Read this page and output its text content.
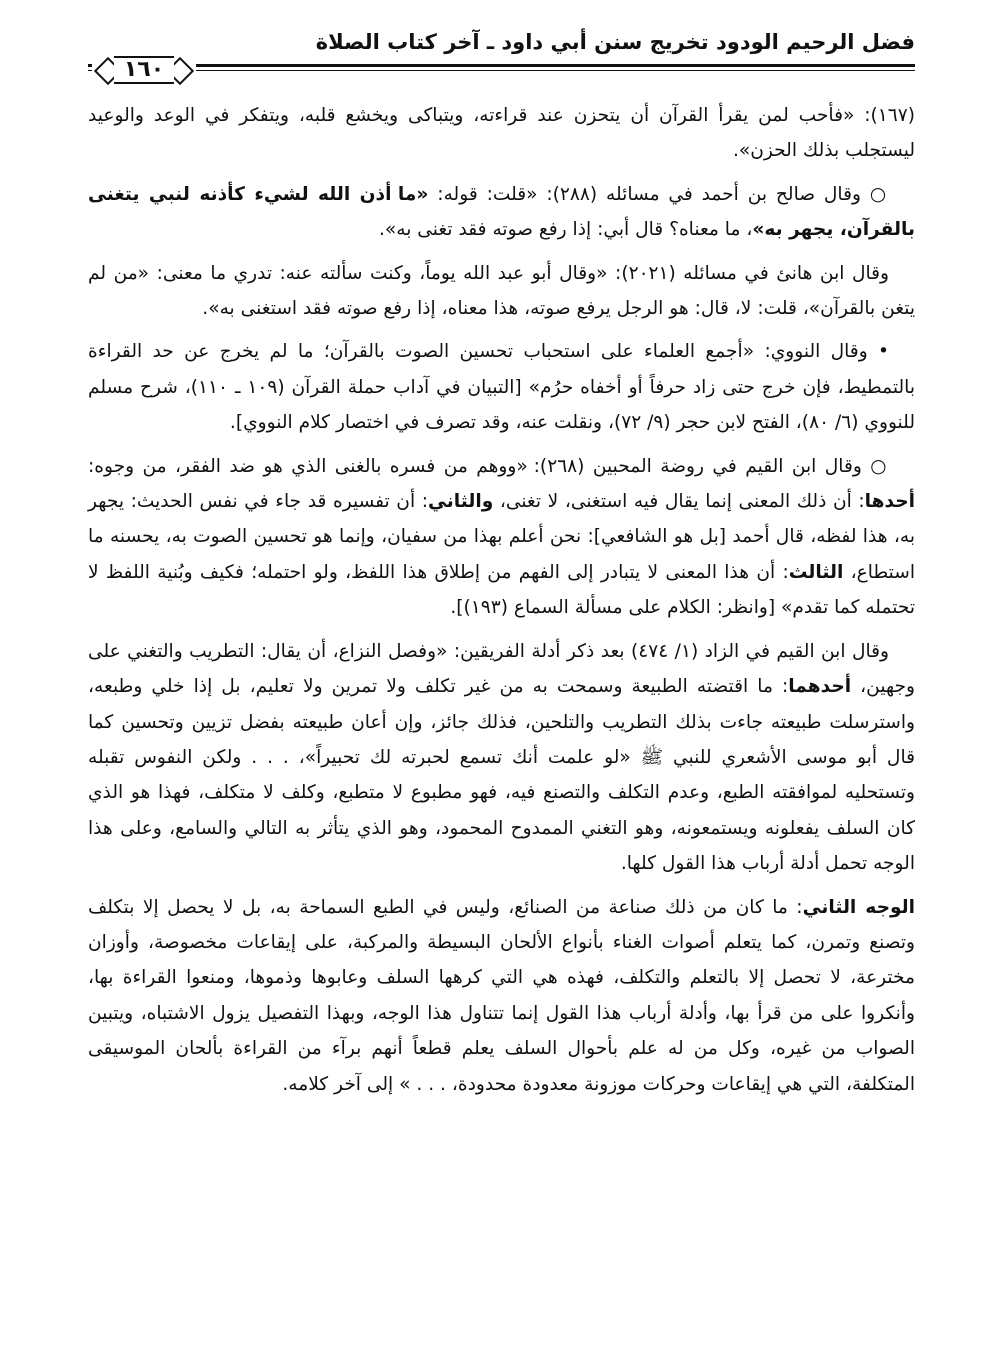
فضل الرحيم الودود تخريج سنن أبي داود ـ آخر كتاب الصلاة
١٦٠

(١٦٧): «فأحب لمن يقرأ القرآن أن يتحزن عند قراءته، ويتباكى ويخشع قلبه، ويتفكر في الوعد والوعيد ليستجلب بذلك الحزن».

○ وقال صالح بن أحمد في مسائله (٢٨٨): «قلت: قوله: «ما أذن الله لشيء كأذنه لنبي يتغنى بالقرآن، يجهر به»، ما معناه؟ قال أبي: إذا رفع صوته فقد تغنى به».

وقال ابن هانئ في مسائله (٢٠٢١): «وقال أبو عبد الله يوماً، وكنت سألته عنه: تدري ما معنى: «من لم يتغن بالقرآن»، قلت: لا، قال: هو الرجل يرفع صوته، هذا معناه، إذا رفع صوته فقد استغنى به».

• وقال النووي: «أجمع العلماء على استحباب تحسين الصوت بالقرآن؛ ما لم يخرج عن حد القراءة بالتمطيط، فإن خرج حتى زاد حرفاً أو أخفاه حرُم» [التبيان في آداب حملة القرآن (١٠٩ ـ ١١٠)، شرح مسلم للنووي (٦/ ٨٠)، الفتح لابن حجر (٩/ ٧٢)، ونقلت عنه، وقد تصرف في اختصار كلام النووي].

○ وقال ابن القيم في روضة المحبين (٢٦٨): «ووهم من فسره بالغنى الذي هو ضد الفقر، من وجوه: أحدها: أن ذلك المعنى إنما يقال فيه استغنى، لا تغنى، والثاني: أن تفسيره قد جاء في نفس الحديث: يجهر به، هذا لفظه، قال أحمد [بل هو الشافعي]: نحن أعلم بهذا من سفيان، وإنما هو تحسين الصوت به، يحسنه ما استطاع، الثالث: أن هذا المعنى لا يتبادر إلى الفهم من إطلاق هذا اللفظ، ولو احتمله؛ فكيف وبُنية اللفظ لا تحتمله كما تقدم» [وانظر: الكلام على مسألة السماع (١٩٣)].

وقال ابن القيم في الزاد (١/ ٤٧٤) بعد ذكر أدلة الفريقين: «وفصل النزاع، أن يقال: التطريب والتغني على وجهين، أحدهما: ما اقتضته الطبيعة وسمحت به من غير تكلف ولا تمرين ولا تعليم، بل إذا خلي وطبعه، واسترسلت طبيعته جاءت بذلك التطريب والتلحين، فذلك جائز، وإن أعان طبيعته بفضل تزيين وتحسين كما قال أبو موسى الأشعري للنبي ﷺ «لو علمت أنك تسمع لحبرته لك تحبيراً»، . . . ولكن النفوس تقبله وتستحليه لموافقته الطبع، وعدم التكلف والتصنع فيه، فهو مطبوع لا متطبع، وكلف لا متكلف، فهذا هو الذي كان السلف يفعلونه ويستمعونه، وهو التغني الممدوح المحمود، وهو الذي يتأثر به التالي والسامع، وعلى هذا الوجه تحمل أدلة أرباب هذا القول كلها.

الوجه الثاني: ما كان من ذلك صناعة من الصنائع، وليس في الطبع السماحة به، بل لا يحصل إلا بتكلف وتصنع وتمرن، كما يتعلم أصوات الغناء بأنواع الألحان البسيطة والمركبة، على إيقاعات مخصوصة، وأوزان مخترعة، لا تحصل إلا بالتعلم والتكلف، فهذه هي التي كرهها السلف وعابوها وذموها، ومنعوا القراءة بها، وأنكروا على من قرأ بها، وأدلة أرباب هذا القول إنما تتناول هذا الوجه، وبهذا التفصيل يزول الاشتباه، ويتبين الصواب من غيره، وكل من له علم بأحوال السلف يعلم قطعاً أنهم برآء من القراءة بألحان الموسيقى المتكلفة، التي هي إيقاعات وحركات موزونة معدودة محدودة، . . . » إلى آخر كلامه.
